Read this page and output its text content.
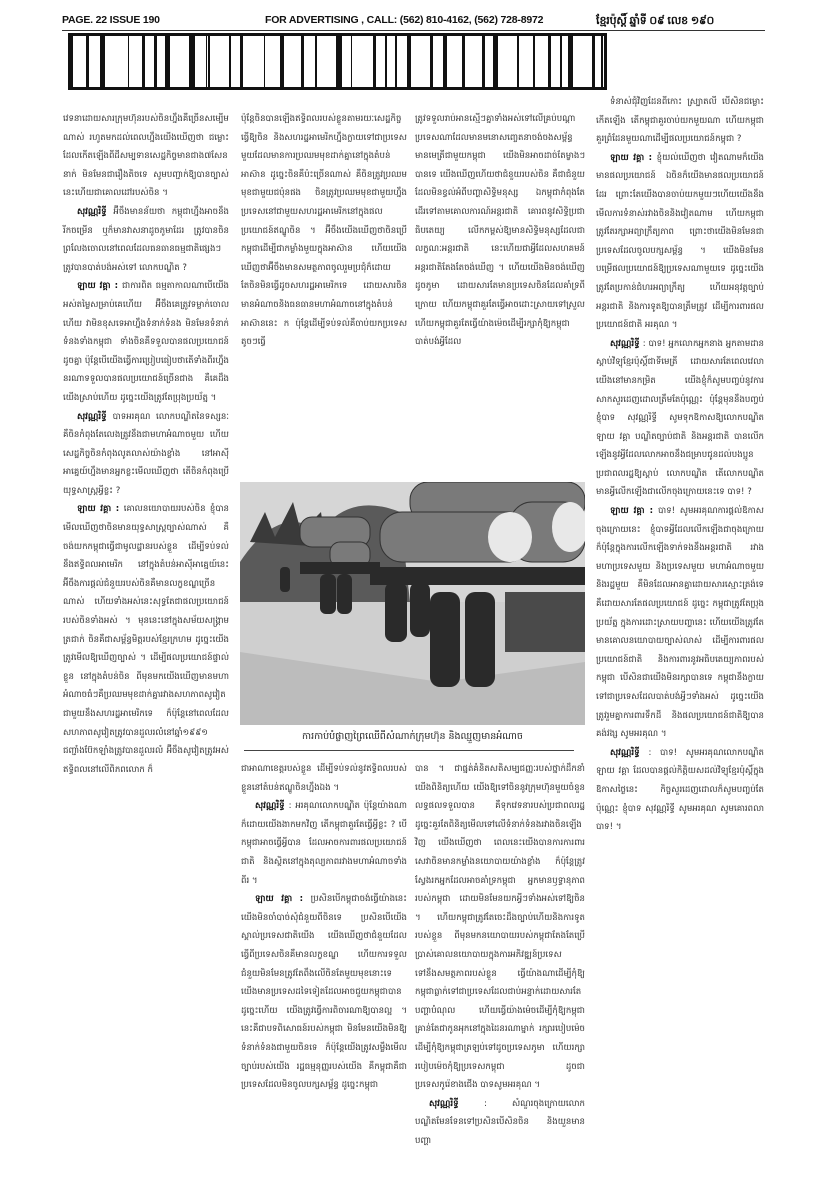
PAGE. 22 ISSUE 190	FOR ADVERTISING , CALL: (562) 810-4162, (562) 728-8972	ខ្មែរប៉ុស្ដិ៍ ឆ្នាំទី ០៩ លេខ ១៩០

វេទនាដោយសារក្រុមហ៊ុនរបស់ចិនហ្នឹងគឺច្រើនសម្បើមណាស់ រហូតមកដល់ពេលហ្នឹងយើងឃើញថា ជម្លោះដែលកើតឡើងពីដីសម្បទានសេដ្ឋកិច្ចមានជាង៧សែននាក់ មិនមែនជារឿងតិចទេ សូមបញ្ជាក់ឱ្យបានច្បាស់ នេះហើយជាគោលដៅរបស់ចិន ។

សុវណ្ណរិទ្ធី អ៊ីចឹងមានន័យថា កម្ពុជាហ្នឹងអាចនឹងរីកចម្រើន ឬក៏មានវាសនាដូចភូមាដែរ ត្រូវបានចិនព្រលែងចោលនៅពេលដែលធនធានធម្មជាតិផ្សេងៗត្រូវបានបាត់បង់អស់ទៅ លោកបណ្ឌិត ?

ឡាយ វគ្គា : ជាការពិត ធម្មតាកាលណាបើយើងអស់តម្លៃសម្រាប់គេហើយ អ៊ីចឹងគេត្រូវទម្លាក់ចោលហើយ វាមិនខុសទេអាហ្នឹងទំនាក់ទំនង មិនមែនទំនាក់ទំនងទាំងកម្ពុជា ទាំងចិនគឺទទួលបានផលប្រយោជន៍ដូចគ្នា ប៉ុន្តែបើយើងធ្វើការប្រៀបធៀបថាតើទាំងពីរហ្នឹងនរណាទទួលបានផលប្រយោជន៍ច្រើនជាង គឺគេដឹងយើងស្រាប់ហើយ ដូច្នេះយើងត្រូវតែប្រុងប្រយ័ត្ន ។

សុវណ្ណរិទ្ធី បាទអរគុណ លោកបណ្ឌិតនៃទស្សនៈ គឺចិនកំពុងតែលេងត្រូវនឹងជាមហាអំណាចមួយ ហើយសេដ្ឋកិច្ចចិនកំពុងលូតលាស់យ៉ាងខ្លាំង នៅអាស៊ីអាគ្នេយ៍ហ្នឹងមានអ្នកខ្លះមើលឃើញថា តើចិនកំពុងប្រើយុទ្ធសាស្ត្រអ្វីខ្លះ ?

ឡាយ វគ្គា : គោលនយោបាយរបស់ចិន ខ្ញុំបានមើលឃើញថាចិនមានយុទ្ធសាស្ត្រច្បាស់ណាស់ គឺចង់យកកម្ពុជាធ្វើជាមូលដ្ឋានរបស់ខ្លួន ដើម្បីទប់ទល់នឹងឥទ្ធិពលអាមេរិក នៅក្នុងតំបន់អាស៊ីអាគ្នេយ៍នេះ អ៊ីចឹងការផ្ដល់ជំនួយរបស់ចិនគឺមានលក្ខខណ្ឌច្រើនណាស់ ហើយទាំងអស់នេះសុទ្ធតែជាផលប្រយោជន៍របស់ចិនទាំងអស់ ។ មុននេះនៅក្នុងសម័យសង្គ្រាមត្រជាក់ ចិនគឺជាសម្ព័ន្ធមិត្តរបស់ខ្មែរក្រហម ដូច្នេះយើងត្រូវមើលឱ្យឃើញច្បាស់ ។ ដើម្បីផលប្រយោជន៍ផ្ទាល់ខ្លួន នៅក្នុងតំបន់ចិន ពីមុនមកយើងឃើញមានមហាអំណាចធំៗគឺប្រឈមមុខដាក់គ្នារវាងសហភាពសូវៀតជាមួយនឹងសហរដ្ឋអាមេរិកទេ ក៏ប៉ុន្តែនៅពេលដែលសហភាពសូវៀតត្រូវបានដួលរលំនៅឆ្នាំ១៩៩១ ជញ្ជាំងប៊ែកឡាំងត្រូវបានដួលរលំ អ៊ីចឹងសូវៀតត្រូវអស់ឥទ្ធិពលនៅលើពិភពលោក ក៏

ប៉ុន្តែចិនបានឡើងឥទ្ធិពលរបស់ខ្លួនតាមរយៈសេដ្ឋកិច្ច ធ្វើឱ្យចិន និងសហរដ្ឋអាមេរិកហ្នឹងក្លាយទៅជាប្រទេសមួយដែលមានការប្រឈមមុខដាក់គ្នានៅក្នុងតំបន់អាស៊ាន ដូច្នេះចិនគឺប៉ះច្រើនណាស់ គឺចិនត្រូវប្រឈមមុខជាមួយជប៉ុនផង ចិនត្រូវប្រឈមមុខជាមួយហ្នឹងប្រទេសនៅជាមួយសហរដ្ឋអាមេរិកនៅក្នុងផលប្រយោជន៍ឥណ្ឌូចិន ។ អ៊ីចឹងយើងឃើញថាចិនប្រើកម្ពុជាដើម្បីជាកម្លាំងមួយក្នុងអាស៊ាន ហើយយើងឃើញថាអ៊ីចឹងមានសមត្ថភាពចូលរួមប្រជុំក៏ដោយ តែចិនមិនធ្វើដូចសហរដ្ឋអាមេរិកទេ ដោយសារចិនមានអំណាចនិងធនធានមហាអំណាចនៅក្នុងតំបន់អាស៊ាននេះ ក ប៉ុន្តែដើម្បីទប់ទល់គឺចាប់យកប្រទេសតូចៗធ្វើ

ត្រូវទទួលរាប់អានស្មើៗគ្នាទាំងអស់ទៅលើគ្រប់បណ្ដាប្រទេសណាដែលមានមនោសញ្ចេតនាចង់ចងសម្ព័ន្ធមានមេត្រីជាមួយកម្ពុជា យើងមិនអាចដាច់តែម្ខាងៗបានទេ យើងឃើញហើយថាជំនួយរបស់ចិន គឺជាជំនួយដែលមិនខ្វល់អំពីបញ្ហាសិទ្ធិមនុស្ស ឯកម្ពុជាកំពុងតែដើរទៅតាមគោលការណ៍អន្តរជាតិ គោរពនូវសិទ្ធិប្រជាធិបតេយ្យ លើកកម្ពស់ឱ្យមានសិទ្ធិមនុស្សដែលជាលក្ខណៈអន្តរជាតិ នេះហើយជាអ្វីដែលសហគមន៍អន្តរជាតិតែងតែចង់ឃើញ ។ ហើយយើងមិនចង់ឃើញដូចភូមា ដោយសារតែមានប្រទេសចិនដែលគាំទ្រពីក្រោយ ហើយកម្ពុជាគួរតែធ្វើអាចដោះស្រាយទៅស្រួល ហើយកម្ពុជាគួរតែធ្វើយ៉ាងម៉េចដើម្បីរក្សាកុំឱ្យកម្ពុជាបាត់បង់អ្វីដែល

ការកាប់បំផ្លាញព្រៃឈើពីសំណាក់ក្រុមហ៊ុន និងឈ្មួញមានអំណាច

ជាអាណាខេត្តរបស់ខ្លួន ដើម្បីទប់ទល់នូវឥទ្ធិពលរបស់ខ្លួននៅតំបន់ឥណ្ឌូចិនហ្នឹងឯង ។

សុវណ្ណរិទ្ធី : អរគុណលោកបណ្ឌិត ប៉ុន្តែយ៉ាងណាក៏ដោយយើងងាកមកវិញ តើកម្ពុជាគួរតែធ្វើអ្វីខ្លះ ? បើកម្ពុជាអាចធ្វើអ្វីបាន ដែលអាចការពារផលប្រយោជន៍ជាតិ និងស្ថិតនៅក្នុងតុល្យភាពរវាងមហាអំណាចទាំងពីរ ។

ឡាយ វគ្គា : ប្រសិនបើកម្ពុជាចង់ធ្វើយ៉ាងនេះ យើងមិនចាំបាច់សុំជំនួយពីចិនទេ ប្រសិនបើយើងស្គាល់ប្រទេសជាតិយើង យើងឃើញថាជំនួយដែលធ្វើពីប្រទេសចិនគឺមានលក្ខខណ្ឌ ហើយការទទួលជំនួយមិនមែនត្រូវតែពឹងលើចិនតែមួយមុខនោះទេ យើងមានប្រទេសដទៃទៀតដែលអាចជួយកម្ពុជាបាន ដូច្នេះហើយ យើងត្រូវធ្វើការពិចារណាឱ្យបានល្អ ។ នេះគឺជាបទពិសោធន៍របស់កម្ពុជា មិនមែនយើងមិនឱ្យទំនាក់ទំនងជាមួយចិនទេ ក៏ប៉ុន្តែយើងត្រូវសម្លឹងមើលច្បាប់របស់យើង រដ្ឋធម្មនុញ្ញរបស់យើង គឺកម្ពុជាគឺជាប្រទេសដែលមិនចូលបក្សសម្ព័ន្ធ ដូច្នេះកម្ពុជា

បាន ។ ជាផ្នត់គំនិតសតិសម្បជញ្ញៈរបស់ថ្នាក់ដឹកនាំ យើងពិនិត្យហើយ យើងឱ្យទៅចិននូវក្រុមហ៊ុនមួយចំនួន លទ្ធផលទទួលបាន គឺទុកវេទនារបស់ប្រជាពលរដ្ឋ ដូច្នេះគួរតែពិនិត្យមើលទៅលើទំនាក់ទំនងរវាងចិនឡើងវិញ យើងឃើញថា ពេលនេះយើងបានការការពារសេវាចិនមានកម្លាំងនយោបាយយ៉ាងខ្លាំង ក៏ប៉ុន្តែត្រូវស្វែងរកអ្នកដែលអាចគាំទ្រកម្ពុជា អ្នកមានឫទ្ធានុភាពរបស់កម្ពុជា ដោយមិនមែនយកអ្វីៗទាំងអស់ទៅឱ្យចិន ។ ហើយកម្ពុជាត្រូវតែចេះដឹងច្បាប់ហើយនិងការទូតរបស់ខ្លួន ពីមុនមកនយោបាយរបស់កម្ពុជាតែងតែប្រើប្រាស់គោលនយោបាយក្នុងការអភិវឌ្ឍន៍ប្រទេស ទៅនឹងសមត្ថភាពរបស់ខ្លួន ធ្វើយ៉ាងណាដើម្បីកុំឱ្យកម្ពុជាធ្លាក់ទៅជាប្រទេសដែលជាប់អន្ទាក់ដោយសារតែបញ្ហាបំណុល ហើយធ្វើយ៉ាងម៉េចដើម្បីកុំឱ្យកម្ពុជាគ្រាន់តែជាកូនអុកនៅក្នុងដៃនរណាម្នាក់ រក្សារបៀបម៉េចដើម្បីកុំឱ្យកម្ពុជាត្រឡប់ទៅដូចប្រទេសភូមា ហើយរក្សារបៀបម៉េចកុំឱ្យប្រទេសកម្ពុជា ដូចជាប្រទេសកូរ៉េខាងជើង បាទសូមអរគុណ ។

សុវណ្ណរិទ្ធី : សំណួរចុងក្រោយលោកបណ្ឌិតមែនទែនទៅប្រសិនបើសិនចិន និងយួនមានបញ្ហា

ទំនាស់ជុំវិញដែនពីកោះ ស្ប្រាតលី បើសិនជម្លោះកើតឡើង តើកម្ពុជាគួរចាប់យកមួយណា ហើយកម្ពុជាគួរព្រំដែនមួយណាដើម្បីផលប្រយោជន៍កម្ពុជា ?

ឡាយ វគ្គា : ខ្ញុំយល់ឃើញថា វៀតណាមក៏យើងមានផលប្រយោជន៍ ឯចិនក៏យើងមានផលប្រយោជន៍ដែរ ព្រោះតែយើងបានចាប់យកមួយៗហើយយើងនឹងមើលការទំនាស់រវាងចិននិងវៀតណាម ហើយកម្ពុជាត្រូវតែរក្សាអព្យាក្រឹត្យភាព ព្រោះថាយើងមិនមែនជាប្រទេសដែលចូលបក្សសម្ព័ន្ធ ។ យើងមិនមែនបម្រើផលប្រយោជន៍ឱ្យប្រទេសណាមួយទេ ដូច្នេះយើងត្រូវតែប្រកាន់ជំហរអព្យាក្រឹត្យ ហើយអនុវត្តច្បាប់អន្តរជាតិ និងការទូតឱ្យបានត្រឹមត្រូវ ដើម្បីការពារផលប្រយោជន៍ជាតិ អរគុណ ។

សុវណ្ណរិទ្ធី : បាទ! អ្នកលោកអ្នកនាង អ្នកតាមដានស្ដាប់វិទ្យុខ្មែរប៉ុស្ដិ៍ជាទីមេត្រី ដោយសារតែពេលវេលាយើងនៅមានកម្រិត យើងខ្ញុំក៏សូមបញ្ចប់នូវការសាកសួរដេញដោលត្រឹមតែប៉ុណ្ណេះ ប៉ុន្តែមុននឹងបញ្ចប់ខ្ញុំបាទ សុវណ្ណរិទ្ធី សូមទុកឱកាសឱ្យលោកបណ្ឌិត ឡាយ វគ្គា បណ្ឌិតច្បាប់ជាតិ និងអន្តរជាតិ បានលើកឡើងនូវអ្វីដែលលោកអាចនឹងជម្រាបជូនដល់បងប្អូនប្រជាពលរដ្ឋឱ្យស្ដាប់ លោកបណ្ឌិត តើលោកបណ្ឌិតមានអ្វីលើកឡើងជាលើកចុងក្រោយនេះទេ បាទ! ?

ឡាយ វគ្គា : បាទ! សូមអរគុណការផ្ដល់ឱកាសចុងក្រោយនេះ ខ្ញុំបាទអ្វីដែលលើកឡើងជាចុងក្រោយ ក៏ប៉ុន្តែក្នុងការលើកឡើងទាក់ទងនឹងអន្តរជាតិ រវាងមហាប្រទេសមួយ និងប្រទេសមួយ មហាអំណាចមួយ និងរដ្ឋមួយ គឺមិនដែលអានគ្នាដោយសារស្មោះត្រង់ទេ គឺដោយសារតែផលប្រយោជន៍ ដូច្នេះ កម្ពុជាត្រូវតែប្រុងប្រយ័ត្ន ក្នុងការដោះស្រាយបញ្ហានេះ ហើយយើងត្រូវតែមានគោលនយោបាយច្បាស់លាស់ ដើម្បីការពារផលប្រយោជន៍ជាតិ និងការពារនូវអធិបតេយ្យភាពរបស់កម្ពុជា បើសិនជាយើងមិនរក្សាបានទេ កម្ពុជានឹងក្លាយទៅជាប្រទេសដែលបាត់បង់អ្វីៗទាំងអស់ ដូច្នេះយើងត្រូវរួមគ្នាការពារទឹកដី និងផលប្រយោជន៍ជាតិឱ្យបានគង់វង្ស សូមអរគុណ ។

សុវណ្ណរិទ្ធី : បាទ! សូមអរគុណលោកបណ្ឌិត ឡាយ វគ្គា ដែលបានផ្ដល់កិត្តិយសដល់វិទ្យុខ្មែរប៉ុស្ដិ៍ក្នុងឱកាសថ្ងៃនេះ កិច្ចសួរដេញដោលក៏សូមបញ្ចប់តែប៉ុណ្ណេះ ខ្ញុំបាទ សុវណ្ណរិទ្ធី សូមអរគុណ សូមគោរពលា បាទ! ។
